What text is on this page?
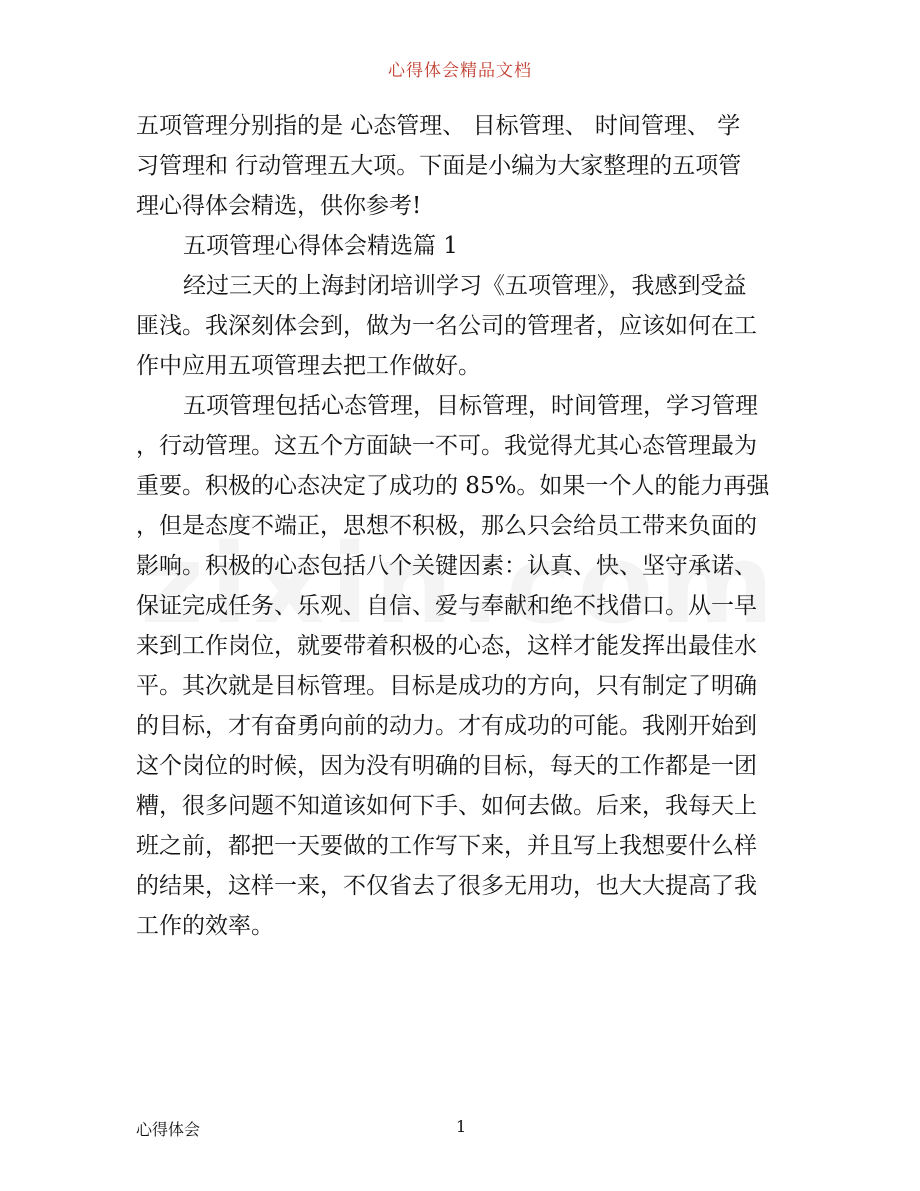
心得体会精品文档
五项管理分别指的是 心态管理、 目标管理、 时间管理、 学
习管理和 行动管理五大项。下面是小编为大家整理的五项管
理心得体会精选，供你参考!
五项管理心得体会精选篇 1
经过三天的上海封闭培训学习《五项管理》，我感到受益
匪浅。我深刻体会到，做为一名公司的管理者，应该如何在工
作中应用五项管理去把工作做好。
五项管理包括心态管理，目标管理，时间管理，学习管理
，行动管理。这五个方面缺一不可。我觉得尤其心态管理最为
重要。积极的心态决定了成功的 85%。如果一个人的能力再强
，但是态度不端正，思想不积极，那么只会给员工带来负面的
影响。积极的心态包括八个关键因素：认真、快、坚守承诺、
保证完成任务、乐观、自信、爱与奉献和绝不找借口。从一早
来到工作岗位，就要带着积极的心态，这样才能发挥出最佳水
平。其次就是目标管理。目标是成功的方向，只有制定了明确
的目标，才有奋勇向前的动力。才有成功的可能。我刚开始到
这个岗位的时候，因为没有明确的目标，每天的工作都是一团
糟，很多问题不知道该如何下手、如何去做。后来，我每天上
班之前，都把一天要做的工作写下来，并且写上我想要什么样
的结果，这样一来，不仅省去了很多无用功，也大大提高了我
工作的效率。
心得体会	1
